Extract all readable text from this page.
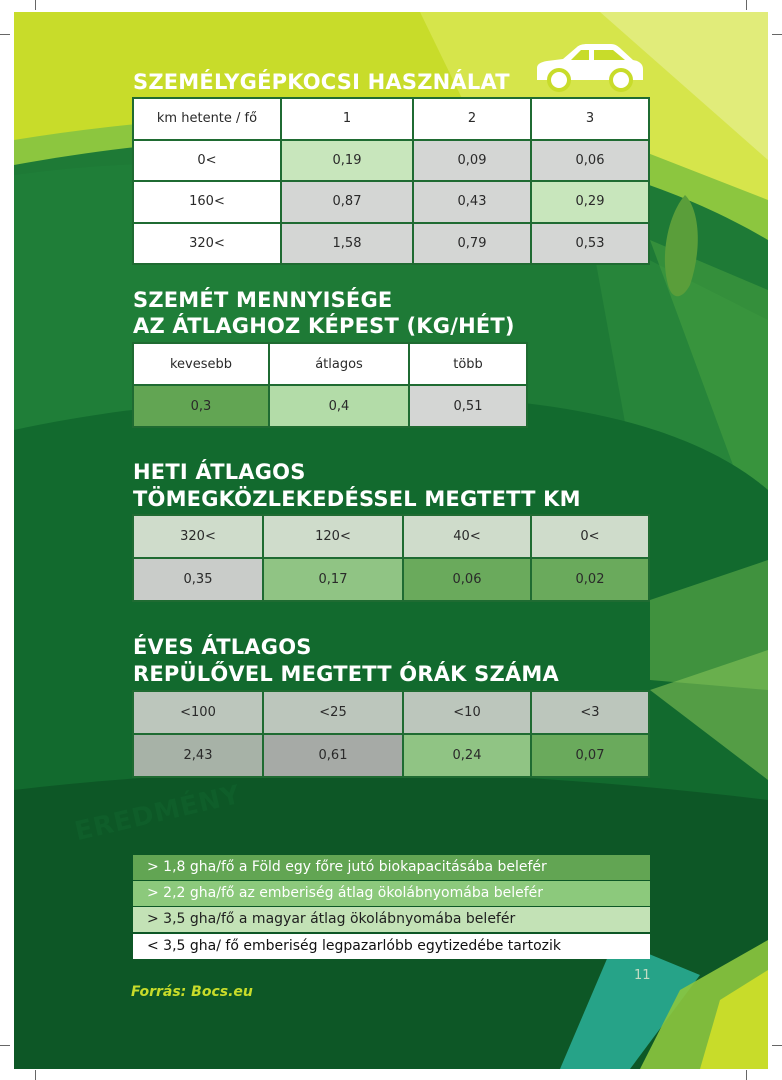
SZEMÉLYGÉPKOCSI HASZNÁLAT
km hetente / fő	1	2	3
0<	0,19	0,09	0,06
160<	0,87	0,43	0,29
320<	1,58	0,79	0,53
SZEMÉT MENNYISÉGE
AZ ÁTLAGHOZ KÉPEST (KG/HÉT)
kevesebb	átlagos	több
0,3	0,4	0,51
HETI ÁTLAGOS
TÖMEGKÖZLEKEDÉSSEL MEGTETT KM
320<	120<	40<	0<
0,35	0,17	0,06	0,02
ÉVES ÁTLAGOS
REPÜLŐVEL MEGTETT ÓRÁK SZÁMA
<100	<25	<10	<3
2,43	0,61	0,24	0,07
EREDMÉNY
> 1,8 gha/fő a Föld egy főre jutó biokapacitásába belefér
> 2,2 gha/fő az emberiség átlag ökolábnyomába belefér
> 3,5 gha/fő a magyar átlag ökolábnyomába belefér
< 3,5 gha/ fő emberiség legpazarlóbb egytizedébe tartozik
Forrás: Bocs.eu
11
